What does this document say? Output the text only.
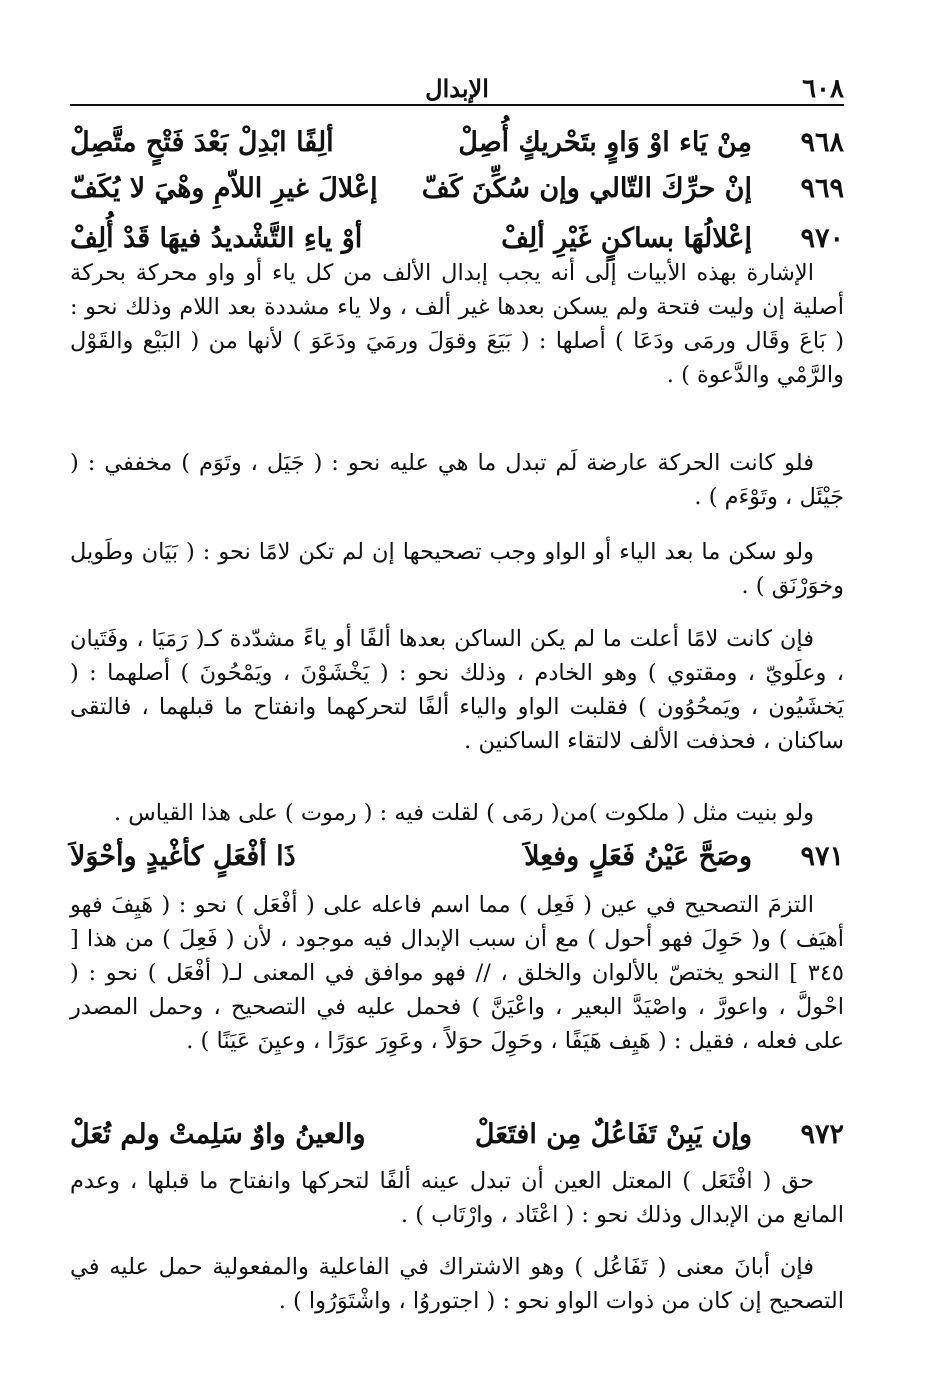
٦٠٨
الإبدال
٩٦٨
مِنْ يَاء اوْ وَاوٍ بتَحْريكٍ أُصِلْ
ألِفًا ابْدِلْ بَعْدَ فَتْحٍ متَّصِلْ
٩٦٩
إنْ حرِّكَ التّالي وإن سُكِّنَ كَفّ
إعْلالَ غيرِ اللاّمِ وهْيَ لا يُكَفّ
٩٧٠
إعْلالُهَا بساكنٍ غَيْرِ ألِفْ
أوْ ياءِ التَّشْديدُ فيهَا قَدْ أُلِفْ

الإشارة بهذه الأبيات إلى أنه يجب إبدال الألف من كل ياء أو واو محركة بحركة أصلية إن وليت فتحة ولم يسكن بعدها غير ألف ، ولا ياء مشددة بعد اللام وذلك نحو : ( بَاعَ وقَال ورمَى ودَعَا ) أصلها : ( بَيَعَ وقوَلَ ورمَيَ ودَعَوَ ) لأنها من ( البَيْع والقَوْل والرَّمْي والدَّعوة ) .

فلو كانت الحركة عارضة لَم تبدل ما هي عليه نحو : ( جَيَل ، وتَوَم ) مخففي : ( جَيْئَل ، وتَوْءَم ) .

ولو سكن ما بعد الياء أو الواو وجب تصحيحها إن لم تكن لامًا نحو : ( بَيَان وطَويل وخوَرْنَق ) .

فإن كانت لامًا أعلت ما لم يكن الساكن بعدها ألفًا أو ياءً مشدّدة كـ( رَمَيَا ، وفَتَيان ، وعلَويّ ، ومقتوي ) وهو الخادم ، وذلك نحو : ( يَخْشَوْنَ ، ويَمْحُونَ ) أصلهما : ( يَخشَيُون ، ويَمحُوُون ) فقلبت الواو والياء ألفًا لتحركهما وانفتاح ما قبلهما ، فالتقى ساكنان ، فحذفت الألف لالتقاء الساكنين .

ولو بنيت مثل ( ملكوت )من( رمَى ) لقلت فيه : ( رموت ) على هذا القياس .

٩٧١
وصَحَّ عَيْنُ فَعَلٍ وفعِلاَ
ذَا أفْعَلٍ كأغْيدٍ وأحْوَلاَ

التزمَ التصحيح في عين ( فَعِل ) مما اسم فاعله على ( أفْعَل ) نحو : ( هَيِفَ فهو أهيَف ) و( حَوِلَ فهو أحول ) مع أن سبب الإبدال فيه موجود ، لأن ( فَعِلَ ) من هذا [ ٣٤٥ ] النحو يختصّ بالألوان والخلق ، // فهو موافق في المعنى لـ( أفْعَل ) نحو : ( احْولَّ ، واعورَّ ، واصْيَدَّ البعير ، واعْيَنَّ ) فحمل عليه في التصحيح ، وحمل المصدر على فعله ، فقيل : ( هَيِف هَيَفًا ، وحَوِلَ حوَلاً ، وعَوِرَ عوَرًا ، وعيِنَ عَيَنًا ) .

٩٧٢
وإن يَبِنْ تَفَاعُلٌ مِن افتَعَلْ
والعينُ واوٌ سَلِمتْ ولم تُعَلْ

حق ( افْتَعَل ) المعتل العين أن تبدل عينه ألفًا لتحركها وانفتاح ما قبلها ، وعدم المانع من الإبدال وذلك نحو : ( اعْتَاد ، وارْتَاب ) .

فإن أبانَ معنى ( تَفَاعُل ) وهو الاشتراك في الفاعلية والمفعولية حمل عليه في التصحيح إن كان من ذوات الواو نحو : ( اجتوروُا ، واشْتَوَرُوا ) .
